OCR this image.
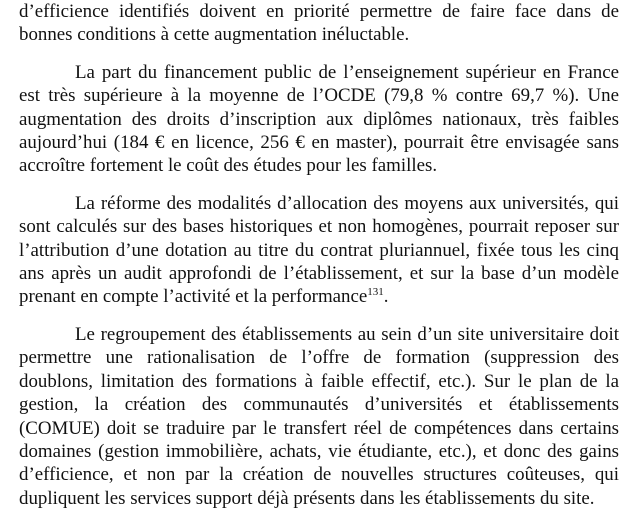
d’efficience identifiés doivent en priorité permettre de faire face dans de bonnes conditions à cette augmentation inéluctable.

La part du financement public de l’enseignement supérieur en France est très supérieure à la moyenne de l’OCDE (79,8 % contre 69,7 %). Une augmentation des droits d’inscription aux diplômes nationaux, très faibles aujourd’hui (184 € en licence, 256 € en master), pourrait être envisagée sans accroître fortement le coût des études pour les familles.

La réforme des modalités d’allocation des moyens aux universités, qui sont calculés sur des bases historiques et non homogènes, pourrait reposer sur l’attribution d’une dotation au titre du contrat pluriannuel, fixée tous les cinq ans après un audit approfondi de l’établissement, et sur la base d’un modèle prenant en compte l’activité et la performance$^{131}$.

Le regroupement des établissements au sein d’un site universitaire doit permettre une rationalisation de l’offre de formation (suppression des doublons, limitation des formations à faible effectif, etc.). Sur le plan de la gestion, la création des communautés d’universités et établissements (COMUE) doit se traduire par le transfert réel de compétences dans certains domaines (gestion immobilière, achats, vie étudiante, etc.), et donc des gains d’efficience, et non par la création de nouvelles structures coûteuses, qui dupliquent les services support déjà présents dans les établissements du site.
